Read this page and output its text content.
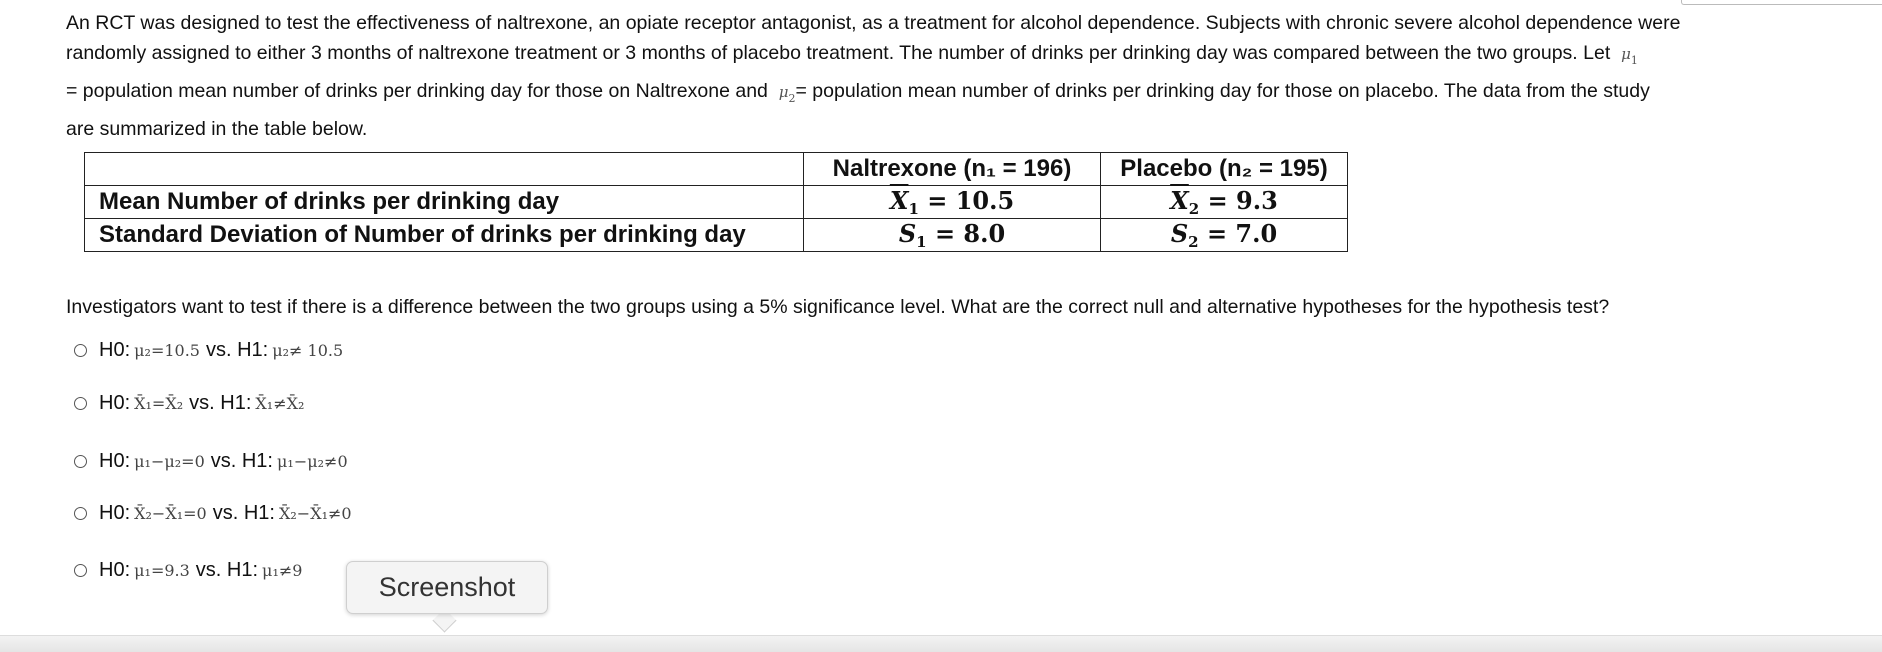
An RCT was designed to test the effectiveness of naltrexone, an opiate receptor antagonist, as a treatment for alcohol dependence. Subjects with chronic severe alcohol dependence were
randomly assigned to either 3 months of naltrexone treatment or 3 months of placebo treatment. The number of drinks per drinking day was compared between the two groups. Let $\mu_1$
= population mean number of drinks per drinking day for those on Naltrexone and $\mu_2=$ population mean number of drinks per drinking day for those on placebo. The data from the study
are summarized in the table below.
	Naltrexone (n₁ = 196)	Placebo (n₂ = 195)
Mean Number of drinks per drinking day	$\overline{X}_1 = 10.5$	$\overline{X}_2 = 9.3$
Standard Deviation of Number of drinks per drinking day	$S_1 = 8.0$	$S_2 = 7.0$
Investigators want to test if there is a difference between the two groups using a 5% significance level. What are the correct null and alternative hypotheses for the hypothesis test?
H0: μ₂=10.5 vs. H1: μ₂≠ 10.5
H0: X̄₁=X̄₂ vs. H1: X̄₁≠X̄₂
H0: μ₁−μ₂=0 vs. H1: μ₁−μ₂≠0
H0: X̄₂−X̄₁=0 vs. H1: X̄₂−X̄₁≠0
H0: μ₁=9.3 vs. H1: μ₁≠9
Screenshot
